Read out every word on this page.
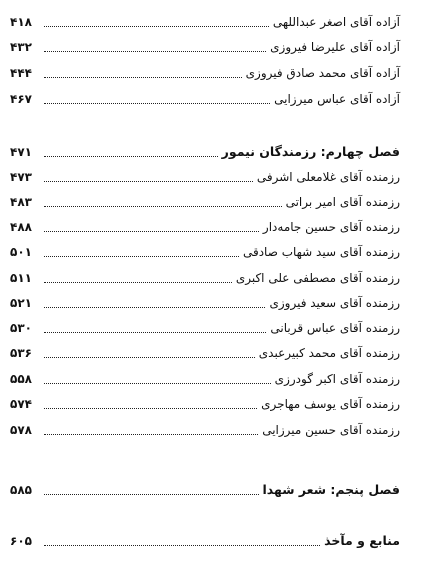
آزاده آقای اصغر عبداللهی
۴۱۸
آزاده آقای علیرضا فیروزی
۴۳۲
آزاده آقای محمد صادق فیروزی
۴۴۴
آزاده آقای عباس میرزایی
۴۶۷
فصل چهارم: رزمندگان نیمور
۴۷۱
رزمنده آقای غلامعلی اشرفی
۴۷۳
رزمنده آقای امیر براتی
۴۸۳
رزمنده آقای حسین جامه‌دار
۴۸۸
رزمنده آقای سید شهاب صادقی
۵۰۱
رزمنده آقای مصطفی علی اکبری
۵۱۱
رزمنده آقای سعید فیروزی
۵۲۱
رزمنده آقای عباس قربانی
۵۳۰
رزمنده آقای محمد کبیرعبدی
۵۳۶
رزمنده آقای اکبر گودرزی
۵۵۸
رزمنده آقای یوسف مهاجری
۵۷۴
رزمنده آقای حسین میرزایی
۵۷۸
فصل پنجم: شعر شهدا
۵۸۵
منابع و مآخذ
۶۰۵
